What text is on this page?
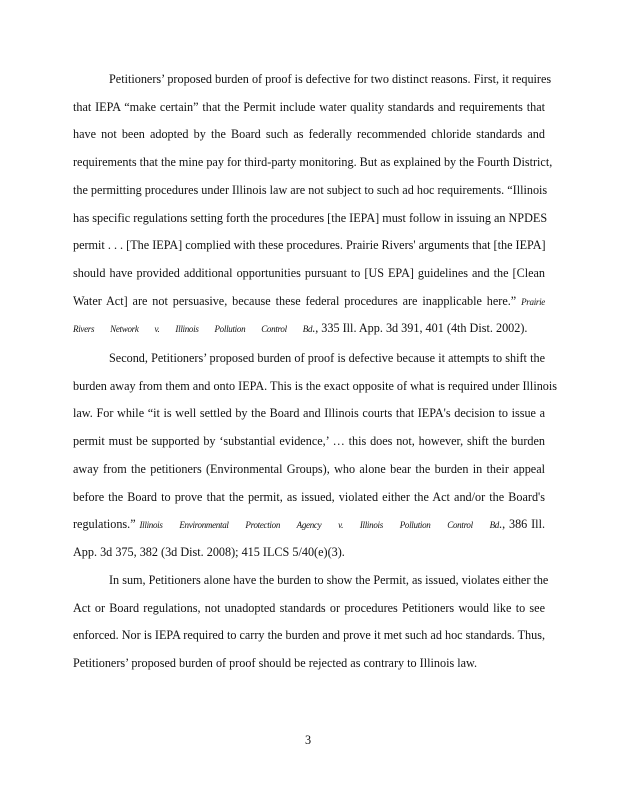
Petitioners’ proposed burden of proof is defective for two distinct reasons. First, it requires
that IEPA “make certain” that the Permit include water quality standards and requirements that
have not been adopted by the Board such as federally recommended chloride standards and
requirements that the mine pay for third-party monitoring. But as explained by the Fourth District,
the permitting procedures under Illinois law are not subject to such ad hoc requirements. “Illinois
has specific regulations setting forth the procedures [the IEPA] must follow in issuing an NPDES
permit . . . [The IEPA] complied with these procedures. Prairie Rivers' arguments that [the IEPA]
should have provided additional opportunities pursuant to [US EPA] guidelines and the [Clean
Water Act] are not persuasive, because these federal procedures are inapplicable here.” Prairie
Rivers Network v. Illinois Pollution Control Bd., 335 Ill. App. 3d 391, 401 (4th Dist. 2002).
Second, Petitioners’ proposed burden of proof is defective because it attempts to shift the
burden away from them and onto IEPA. This is the exact opposite of what is required under Illinois
law. For while “it is well settled by the Board and Illinois courts that IEPA's decision to issue a
permit must be supported by ‘substantial evidence,’ … this does not, however, shift the burden
away from the petitioners (Environmental Groups), who alone bear the burden in their appeal
before the Board to prove that the permit, as issued, violated either the Act and/or the Board's
regulations.” Illinois Environmental Protection Agency v. Illinois Pollution Control Bd., 386 Ill.
App. 3d 375, 382 (3d Dist. 2008); 415 ILCS 5/40(e)(3).
In sum, Petitioners alone have the burden to show the Permit, as issued, violates either the
Act or Board regulations, not unadopted standards or procedures Petitioners would like to see
enforced. Nor is IEPA required to carry the burden and prove it met such ad hoc standards. Thus,
Petitioners’ proposed burden of proof should be rejected as contrary to Illinois law.
3
